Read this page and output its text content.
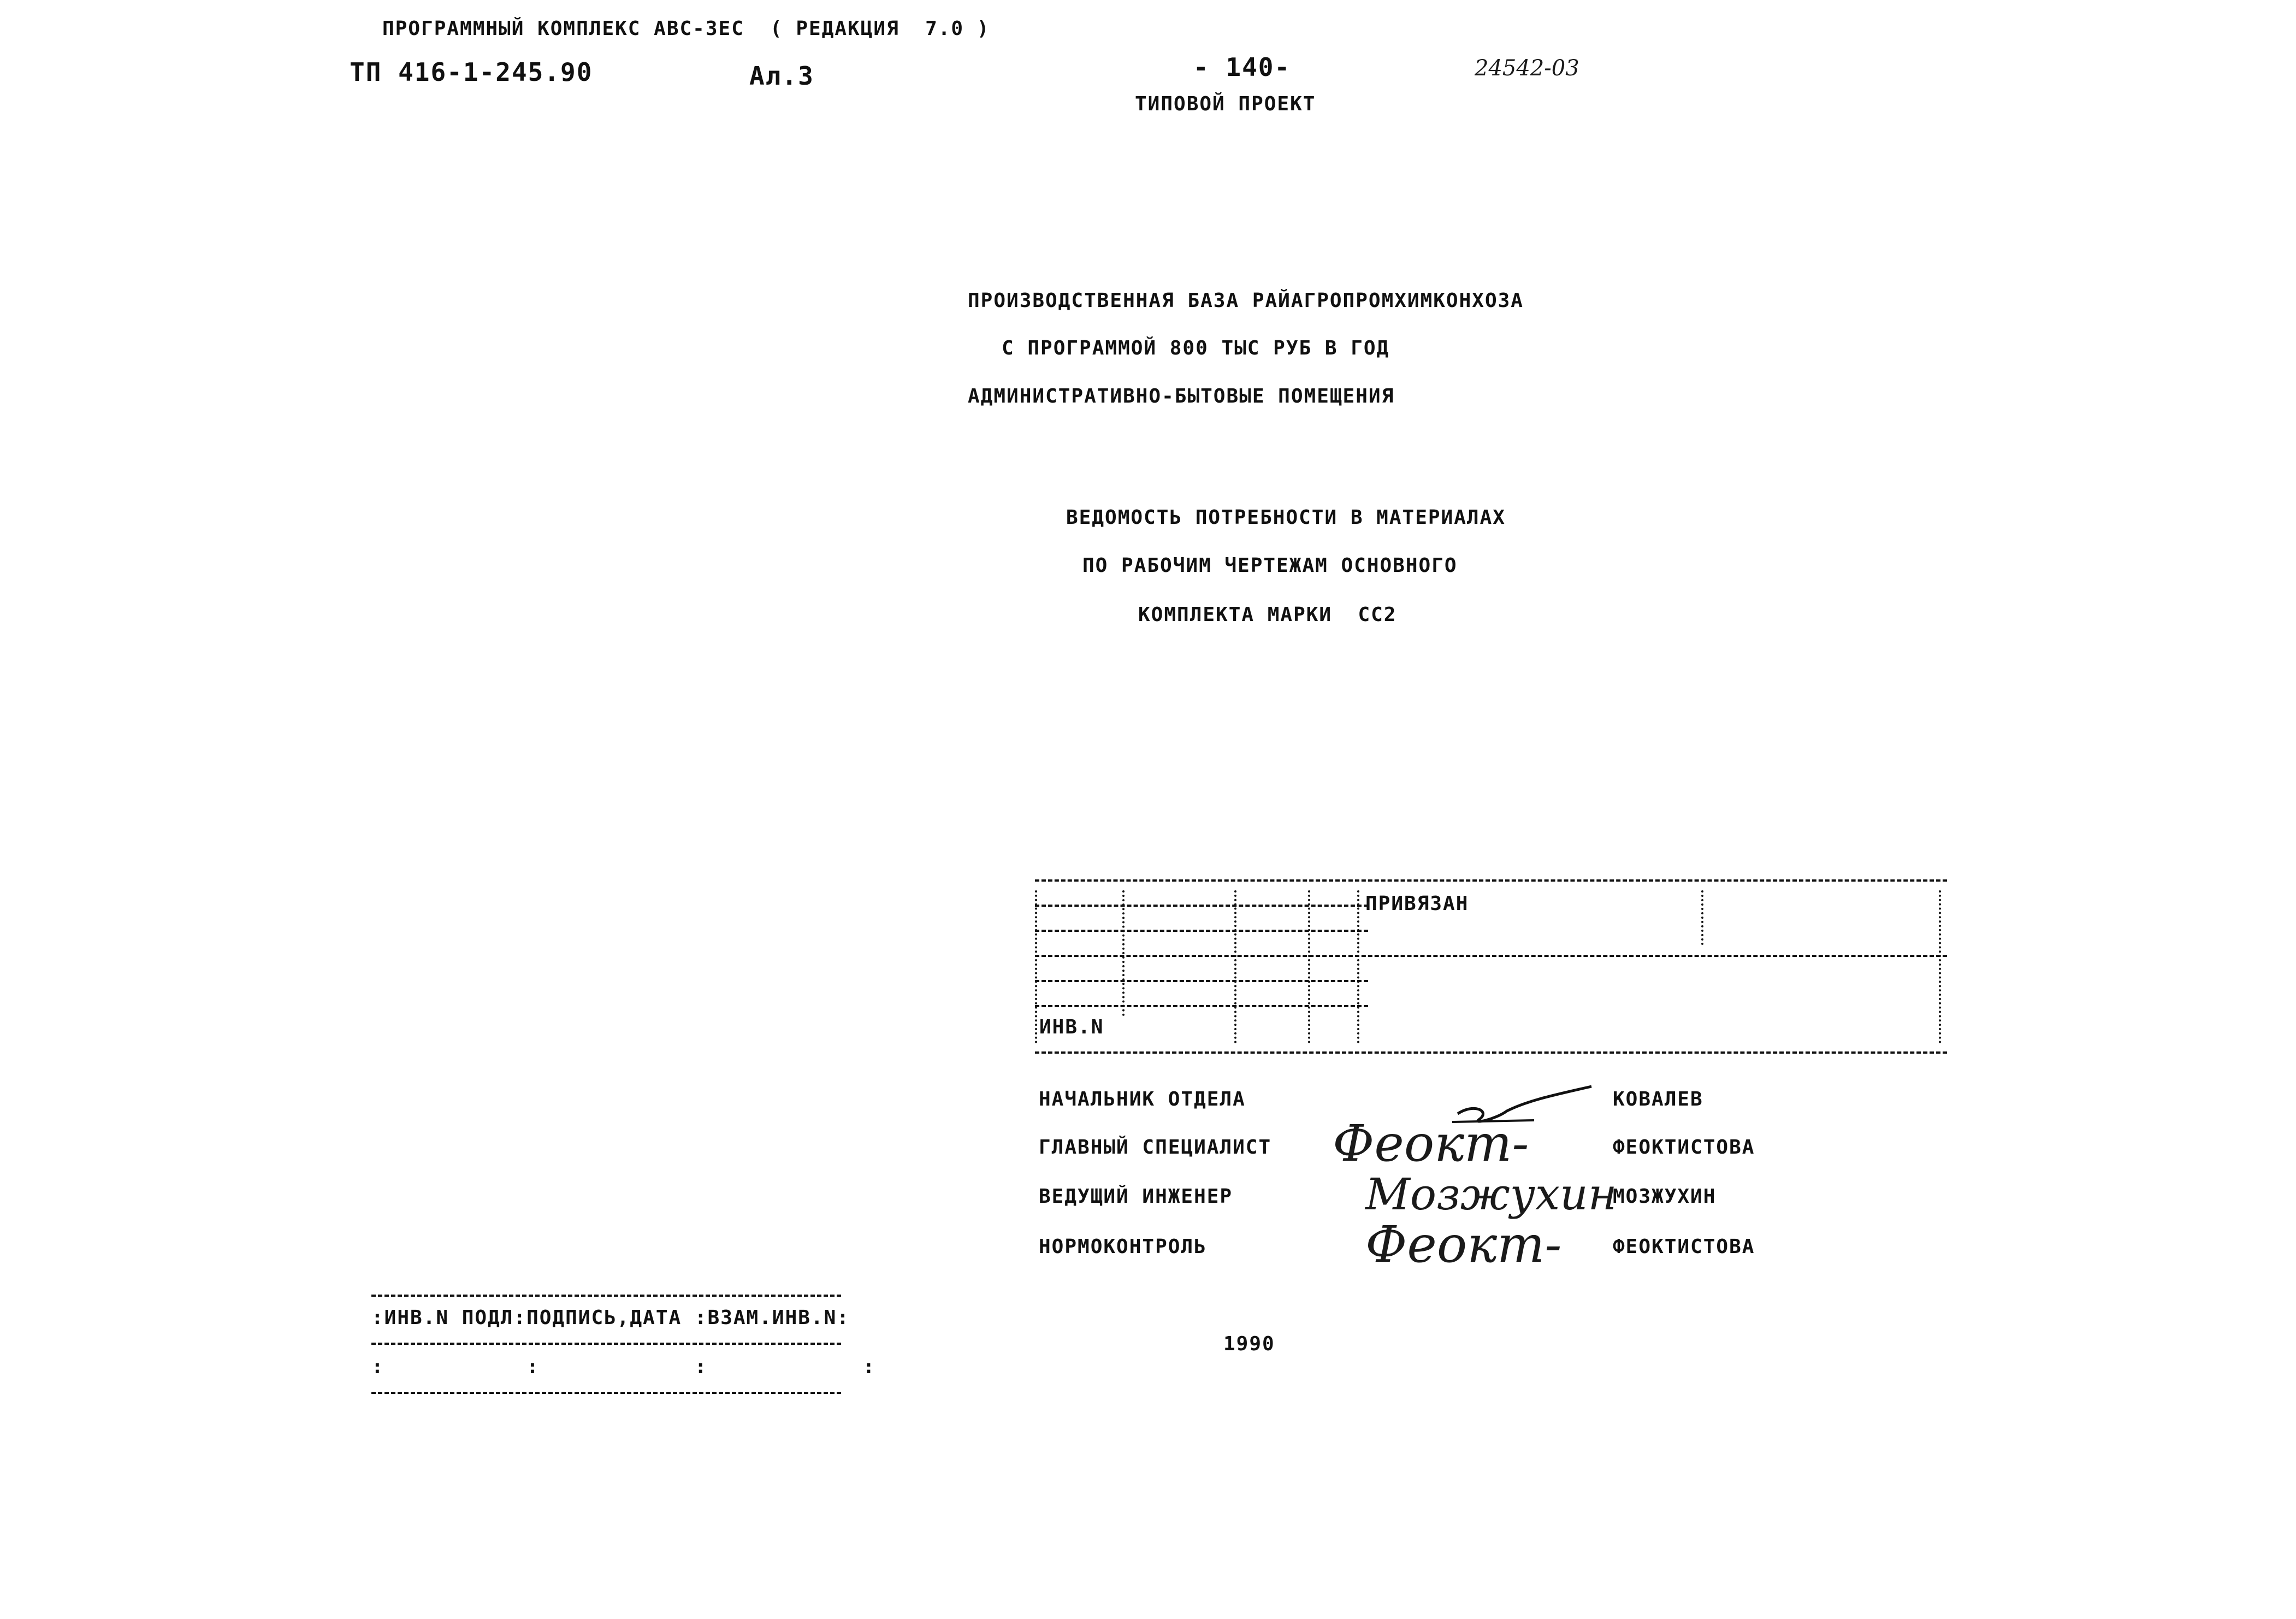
ПРОГРАММНЫЙ КОМПЛЕКС АВС-ЗЕС ( РЕДАКЦИЯ  7.0 )
ТП 416-1-245.90	Ал.3	- 140-
ТИПОВОЙ ПРОЕКТ
24542-03
ПРОИЗВОДСТВЕННАЯ БАЗА РАЙАГРОПРОМХИМКОНХОЗА
С ПРОГРАММОЙ 800 ТЫС РУБ В ГОД
АДМИНИСТРАТИВНО-БЫТОВЫЕ ПОМЕЩЕНИЯ
ВЕДОМОСТЬ ПОТРЕБНОСТИ В МАТЕРИАЛАХ
ПО РАБОЧИМ ЧЕРТЕЖАМ ОСНОВНОГО
КОМПЛЕКТА МАРКИ  СС2
ПРИВЯЗАН
ИНВ.N
НАЧАЛЬНИК ОТДЕЛА	КОВАЛЕВ
ГЛАВНЫЙ СПЕЦИАЛИСТ	ФЕОКТИСТОВА
ВЕДУЩИЙ ИНЖЕНЕР	МОЗЖУХИН
НОРМОКОНТРОЛЬ	ФЕОКТИСТОВА

Феокт-
Мозжухин
Феокт-
:ИНВ.N ПОДЛ:ПОДПИСЬ,ДАТА :ВЗАМ.ИНВ.N:
:           :            :            :
1990
